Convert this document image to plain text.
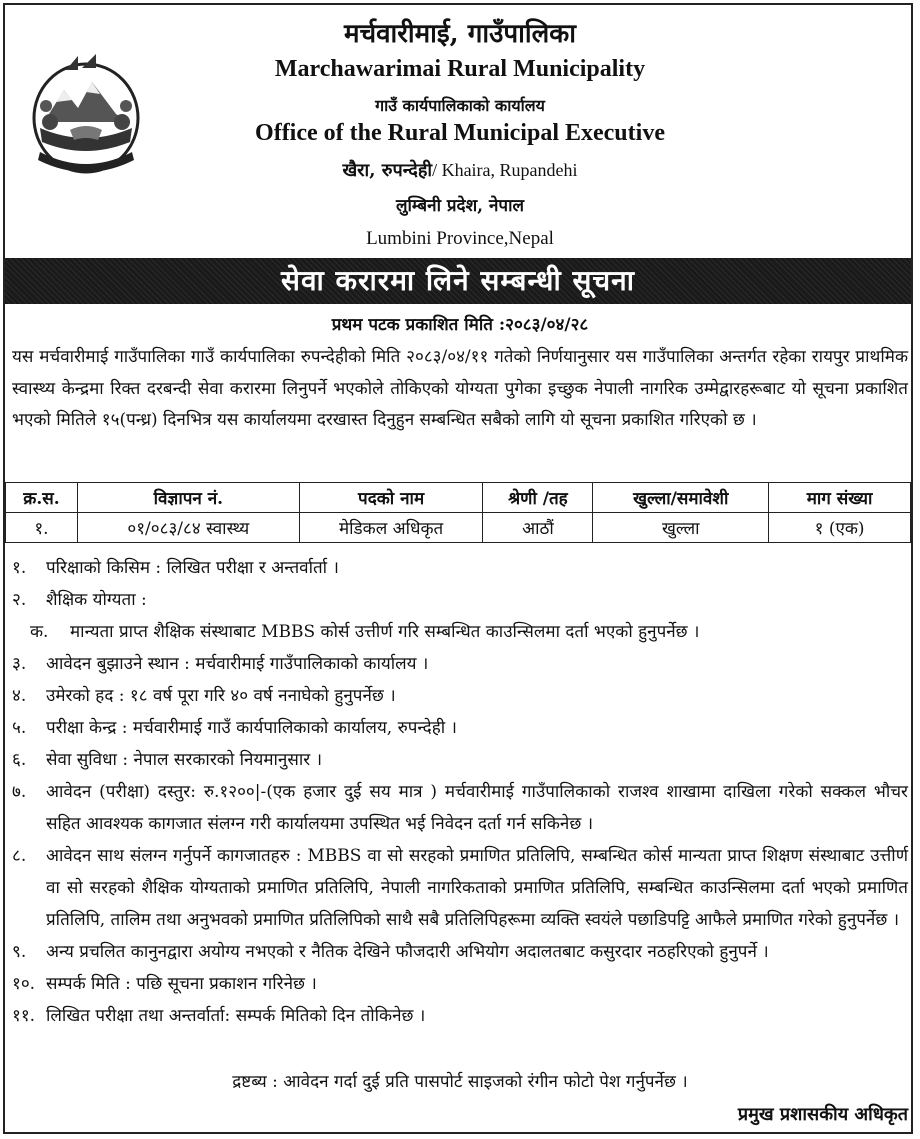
मर्चवारीमाई, गाउँपालिका
Marchawarimai Rural Municipality
गाउँ कार्यपालिकाको कार्यालय
Office of the Rural Municipal Executive
खैरा, रुपन्देही/ Khaira, Rupandehi
लुम्बिनी प्रदेश, नेपाल
Lumbini Province,Nepal
सेवा करारमा लिने सम्बन्धी सूचना
प्रथम पटक प्रकाशित मिति :२०८३/०४/२८
यस मर्चवारीमाई गाउँपालिका गाउँ कार्यपालिका रुपन्देहीको मिति २०८३/०४/११ गतेको निर्णयानुसार यस गाउँपालिका अन्तर्गत रहेका रायपुर प्राथमिक स्वास्थ्य केन्द्रमा रिक्त दरबन्दी सेवा करारमा लिनुपर्ने भएकोले तोकिएको योग्यता पुगेका इच्छुक नेपाली नागरिक उम्मेद्वारहरूबाट यो सूचना प्रकाशित भएको मितिले १५(पन्ध्र) दिनभित्र यस कार्यालयमा दरखास्त दिनुहुन सम्बन्धित सबैको लागि यो सूचना प्रकाशित गरिएको छ ।
क्र.स.	विज्ञापन नं.	पदको नाम	श्रेणी /तह	खुल्ला/समावेशी	माग संख्या
१.	०१/०८३/८४ स्वास्थ्य	मेडिकल अधिकृत	आठौं	खुल्ला	१ (एक)
१.	परिक्षाको किसिम : लिखित परीक्षा र अन्तर्वार्ता ।
२.	शैक्षिक योग्यता :
क.	मान्यता प्राप्त शैक्षिक संस्थाबाट MBBS कोर्स उत्तीर्ण गरि सम्बन्धित काउन्सिलमा दर्ता भएको हुनुपर्नेछ ।
३.	आवेदन बुझाउने स्थान : मर्चवारीमाई गाउँपालिकाको कार्यालय ।
४.	उमेरको हद : १८ वर्ष पूरा गरि ४० वर्ष ननाघेको हुनुपर्नेछ ।
५.	परीक्षा केन्द्र : मर्चवारीमाई गाउँ कार्यपालिकाको कार्यालय, रुपन्देही ।
६.	सेवा सुविधा : नेपाल सरकारको नियमानुसार ।
७.	आवेदन (परीक्षा) दस्तुर: रु.१२००|-(एक हजार दुई सय मात्र ) मर्चवारीमाई गाउँपालिकाको राजश्व शाखामा दाखिला गरेको सक्कल भौचर सहित आवश्यक कागजात संलग्न गरी कार्यालयमा उपस्थित भई निवेदन दर्ता गर्न सकिनेछ ।
८.	आवेदन साथ संलग्न गर्नुपर्ने कागजातहरु : MBBS वा सो सरहको प्रमाणित प्रतिलिपि, सम्बन्धित कोर्स मान्यता प्राप्त शिक्षण संस्थाबाट उत्तीर्ण वा सो सरहको शैक्षिक योग्यताको प्रमाणित प्रतिलिपि, नेपाली नागरिकताको प्रमाणित प्रतिलिपि, सम्बन्धित काउन्सिलमा दर्ता भएको प्रमाणित प्रतिलिपि, तालिम तथा अनुभवको प्रमाणित प्रतिलिपिको साथै सबै प्रतिलिपिहरूमा व्यक्ति स्वयंले पछाडिपट्टि आफैले प्रमाणित गरेको हुनुपर्नेछ ।
९.	अन्य प्रचलित कानुनद्वारा अयोग्य नभएको र नैतिक देखिने फौजदारी अभियोग अदालतबाट कसुरदार नठहरिएको हुनुपर्ने ।
१०. सम्पर्क मिति : पछि सूचना प्रकाशन गरिनेछ ।
११. लिखित परीक्षा तथा अन्तर्वार्ता: सम्पर्क मितिको दिन तोकिनेछ ।
द्रष्टब्य : आवेदन गर्दा दुई प्रति पासपोर्ट साइजको रंगीन फोटो पेश गर्नुपर्नेछ ।
प्रमुख प्रशासकीय अधिकृत
